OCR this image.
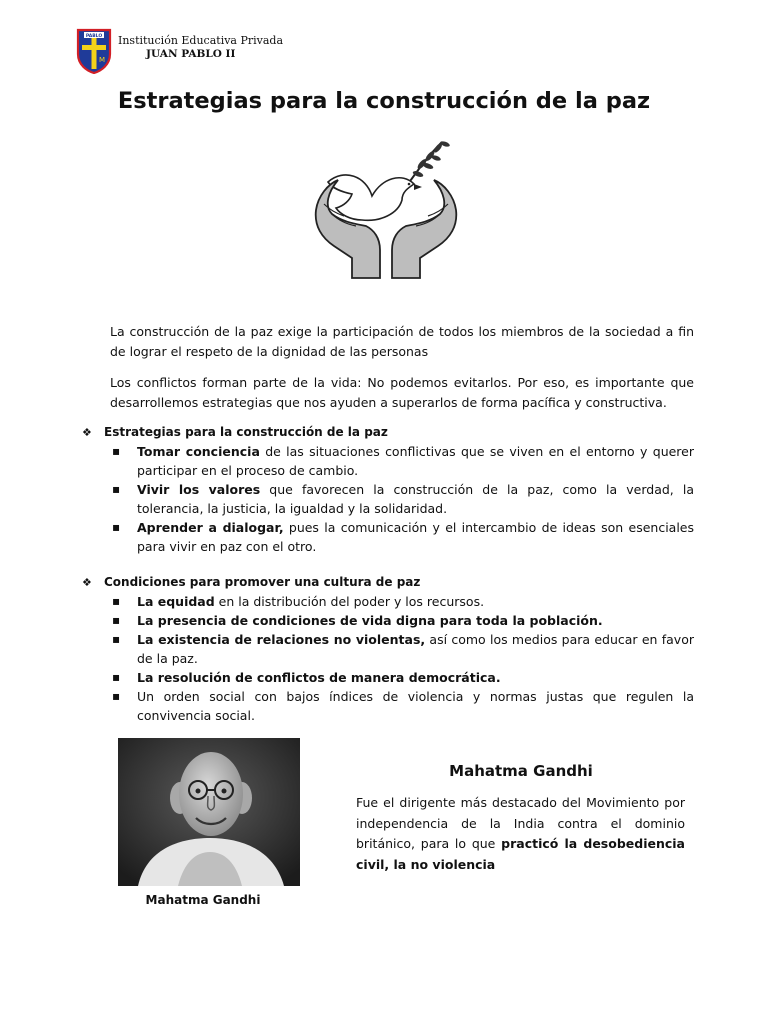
PABLO
M
Institución Educativa Privada
JUAN PABLO II
Estrategias para la construcción de la paz

La construcción de la paz exige la participación de todos los miembros de la sociedad a fin de lograr el respeto de la dignidad de las personas

Los conflictos forman parte de la vida: No podemos evitarlos. Por eso, es importante que desarrollemos estrategias que nos ayuden a superarlos de forma pacífica y constructiva.

❖ Estrategias para la construcción de la paz
▪ Tomar conciencia de las situaciones conflictivas que se viven en el entorno y querer participar en el proceso de cambio.
▪ Vivir los valores que favorecen la construcción de la paz, como la verdad, la tolerancia, la justicia, la igualdad y la solidaridad.
▪ Aprender a dialogar, pues la comunicación y el intercambio de ideas son esenciales para vivir en paz con el otro.
❖ Condiciones para promover una cultura de paz
▪ La equidad en la distribución del poder y los recursos.
▪ La presencia de condiciones de vida digna para toda la población.
▪ La existencia de relaciones no violentas, así como los medios para educar en favor de la paz.
▪ La resolución de conflictos de manera democrática.
▪ Un orden social con bajos índices de violencia y normas justas que regulen la convivencia social.
Mahatma Gandhi
Mahatma Gandhi

Fue el dirigente más destacado del Movimiento por independencia de la India contra el dominio británico, para lo que practicó la desobediencia civil, la no violencia
